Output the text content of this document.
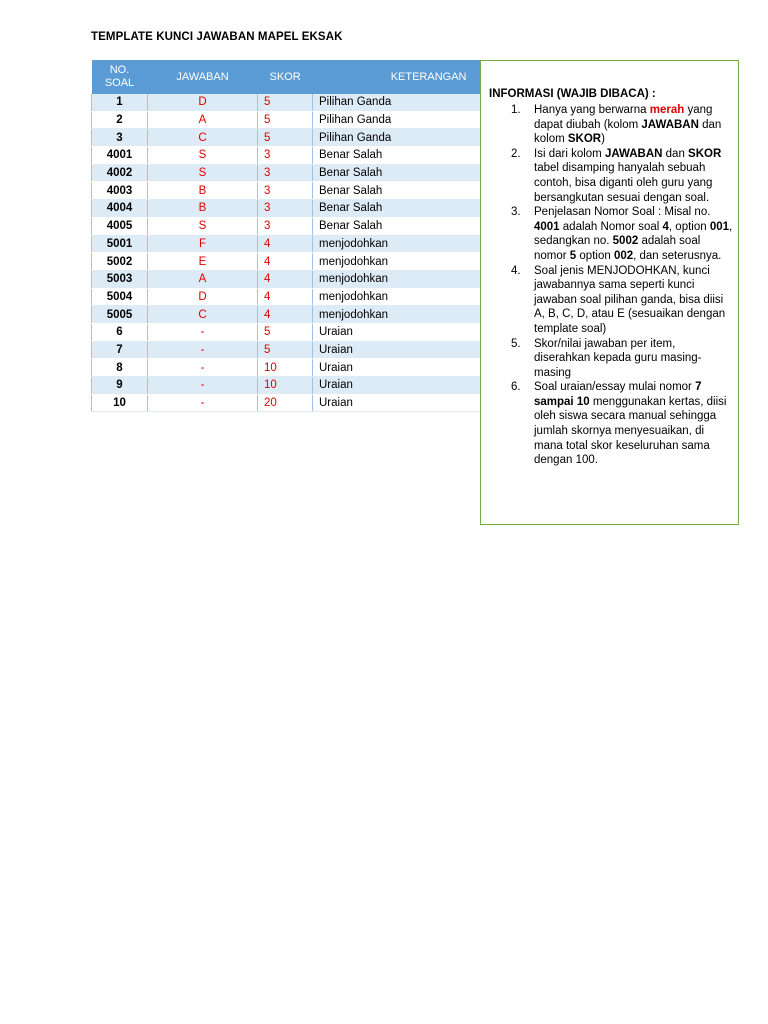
TEMPLATE KUNCI JAWABAN MAPEL EKSAK
NO.
SOAL	JAWABAN	SKOR	KETERANGAN
1	D	5	Pilihan Ganda
2	A	5	Pilihan Ganda
3	C	5	Pilihan Ganda
4001	S	3	Benar Salah
4002	S	3	Benar Salah
4003	B	3	Benar Salah
4004	B	3	Benar Salah
4005	S	3	Benar Salah
5001	F	4	menjodohkan
5002	E	4	menjodohkan
5003	A	4	menjodohkan
5004	D	4	menjodohkan
5005	C	4	menjodohkan
6	-	5	Uraian
7	-	5	Uraian
8	-	10	Uraian
9	-	10	Uraian
10	-	20	Uraian
INFORMASI (WAJIB DIBACA) :
1. Hanya yang berwarna merah yang dapat diubah (kolom JAWABAN dan kolom SKOR)
2. Isi dari kolom JAWABAN dan SKOR tabel disamping hanyalah sebuah contoh, bisa diganti oleh guru yang bersangkutan sesuai dengan soal.
3. Penjelasan Nomor Soal : Misal no. 4001 adalah Nomor soal 4, option 001, sedangkan no. 5002 adalah soal nomor 5 option 002, dan seterusnya.
4. Soal jenis MENJODOHKAN, kunci jawabannya sama seperti kunci jawaban soal pilihan ganda, bisa diisi A, B, C, D, atau E (sesuaikan dengan template soal)
5. Skor/nilai jawaban per item, diserahkan kepada guru masing-masing
6. Soal uraian/essay mulai nomor 7 sampai 10 menggunakan kertas, diisi oleh siswa secara manual sehingga jumlah skornya menyesuaikan, di mana total skor keseluruhan sama dengan 100.
